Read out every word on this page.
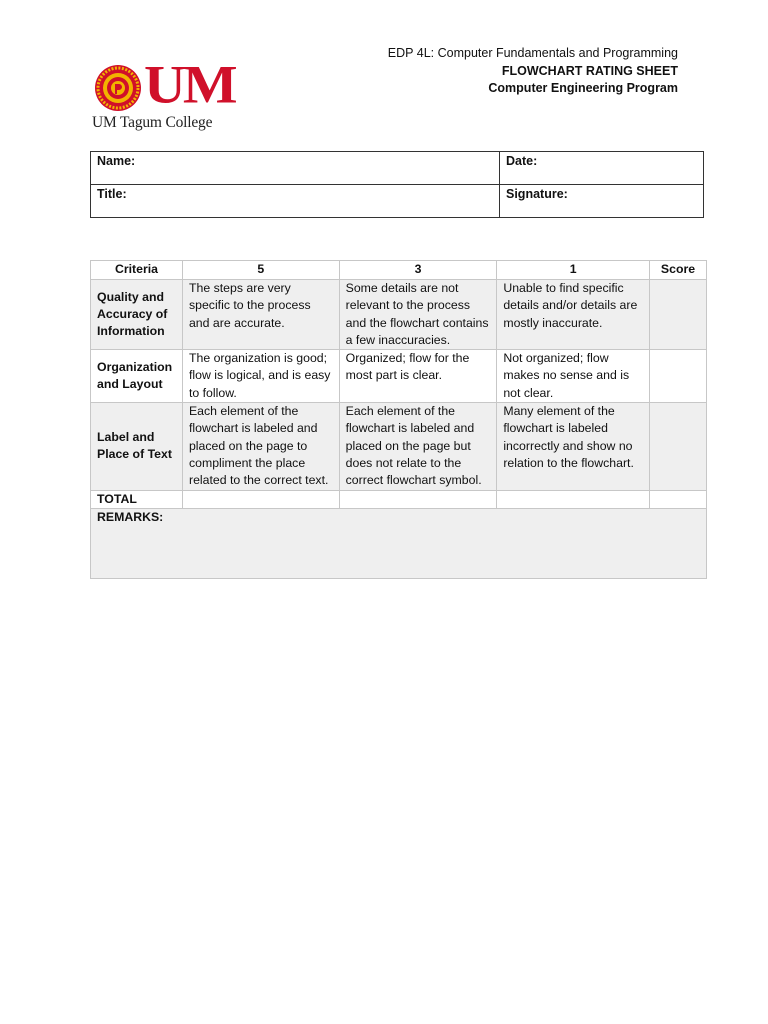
UM
UM Tagum College
EDP 4L: Computer Fundamentals and Programming
FLOWCHART RATING SHEET
Computer Engineering Program
Name:	Date:
Title:	Signature:
Criteria	5	3	1	Score
Quality and Accuracy of Information	The steps are very specific to the process and are accurate.	Some details are not relevant to the process and the flowchart contains a few inaccuracies.	Unable to find specific details and/or details are mostly inaccurate.	
Organization and Layout	The organization is good; flow is logical, and is easy to follow.	Organized; flow for the most part is clear.	Not organized; flow makes no sense and is not clear.	
Label and Place of Text	Each element of the flowchart is labeled and placed on the page to compliment the place related to the correct text.	Each element of the flowchart is labeled and placed on the page but does not relate to the correct flowchart symbol.	Many element of the flowchart is labeled incorrectly and show no relation to the flowchart.	
TOTAL				
REMARKS:				
